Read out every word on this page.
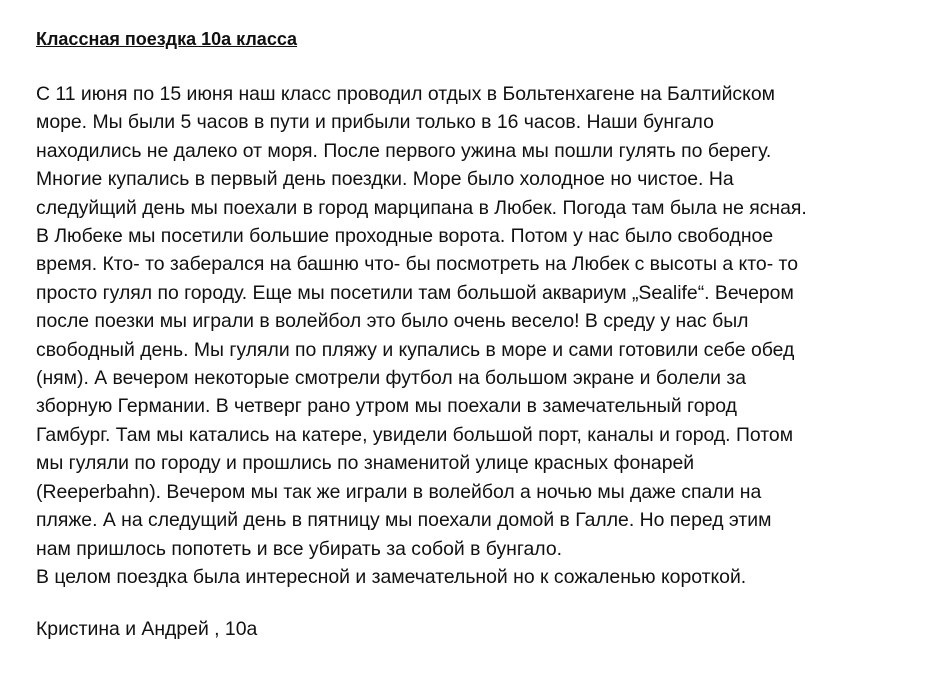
Классная поездка 10а класса
С 11 июня по 15 июня наш класс проводил отдых в Больтенхагене на Балтийском
море. Мы были 5 часов в пути и прибыли только в 16 часов. Наши бунгало
находились не далеко от моря. После первого ужина мы пошли гулять по берегу.
Многие купались в первый день поездки. Море было холодное но чистое. На
следуйщий день мы поехали в город марципана в Любек. Погода там была не ясная.
В Любеке мы посетили большие проходные ворота. Потом у нас было свободное
время. Кто- то заберался на башню что- бы посмотреть на Любек с высоты а кто- то
просто гулял по городу. Еще мы посетили там большой аквариум „Sealife“. Вечером
после поезки мы играли в волейбол это было очень весело! В среду у нас был
свободный день. Мы гуляли по пляжу и купались в море и сами готовили себе обед
(ням). А вечером некоторые смотрели футбол на большом экране и болели за
зборную Германии. В четверг рано утром мы поехали в замечательный город
Гамбург. Там мы катались на катере, увидели большой порт, каналы и город. Потом
мы гуляли по городу и прошлись по знаменитой улице красных фонарей
(Reeperbahn). Вечером мы так же играли в волейбол а ночью мы даже спали на
пляже. А на следущий день в пятницу мы поехали домой в Галле. Но перед этим
нам пришлось попотеть и все убирать за собой в бунгало.
В целом поездка была интересной и замечательной но к сожаленью короткой.
Кристина и Андрей , 10а
